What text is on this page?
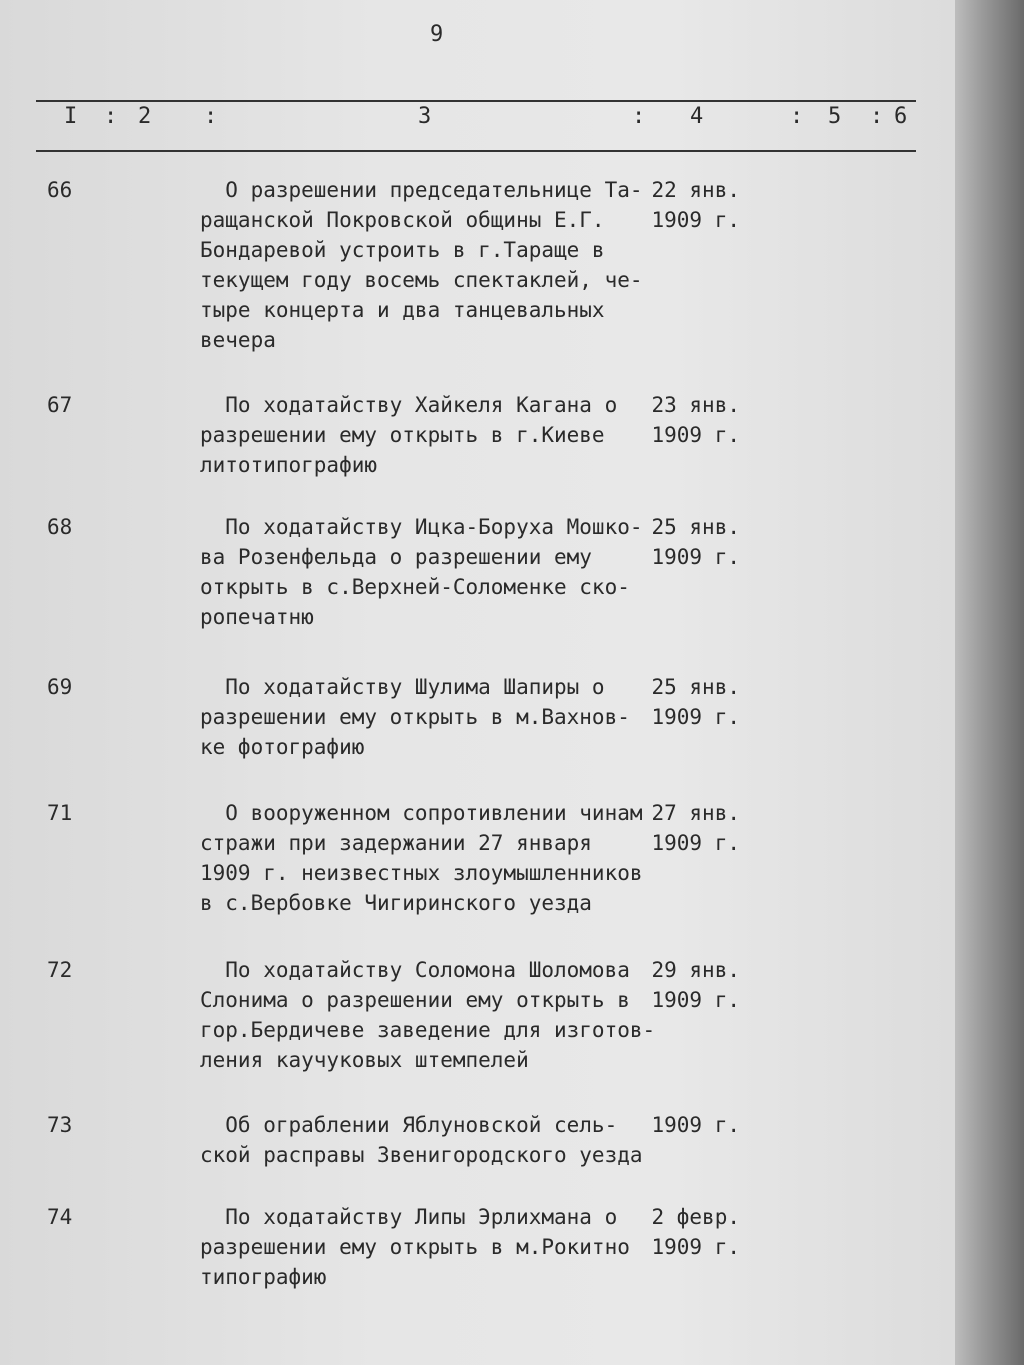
9
I : 2 :	3	: 4	: 5 : 6
66	О разрешении председательнице Та-
ращанской Покровской общины Е.Г.
Бондаревой устроить в г.Таращe в
текущем году восемь спектаклей, че-
тыре концерта и два танцевальных
вечера
22 янв.
1909 г.
67	По ходатайству Хайкеля Кагана о
разрешении ему открыть в г.Киеве
литотипографию
23 янв.
1909 г.
68	По ходатайству Ицка-Боруха Мошко-
ва Розенфельда о разрешении ему
открыть в с.Верхней-Соломенке ско-
ропечатню
25 янв.
1909 г.
69	По ходатайству Шулима Шапиры о
разрешении ему открыть в м.Вахнов-
ке фотографию
25 янв.
1909 г.
71	О вооруженном сопротивлении чинам
стражи при задержании 27 января
1909 г. неизвестных злоумышленников
в с.Вербовке Чигиринского уезда
27 янв.
1909 г.
72	По ходатайству Соломона Шоломова
Слонима о разрешении ему открыть в
гор.Бердичеве заведение для изготов-
ления каучуковых штемпелей
29 янв.
1909 г.
73	Об ограблении Яблуновской сель-
ской расправы Звенигородского уезда
1909 г.
74	По ходатайству Липы Эрлихмана о
разрешении ему открыть в м.Рокитно
типографию
2 февр.
1909 г.
